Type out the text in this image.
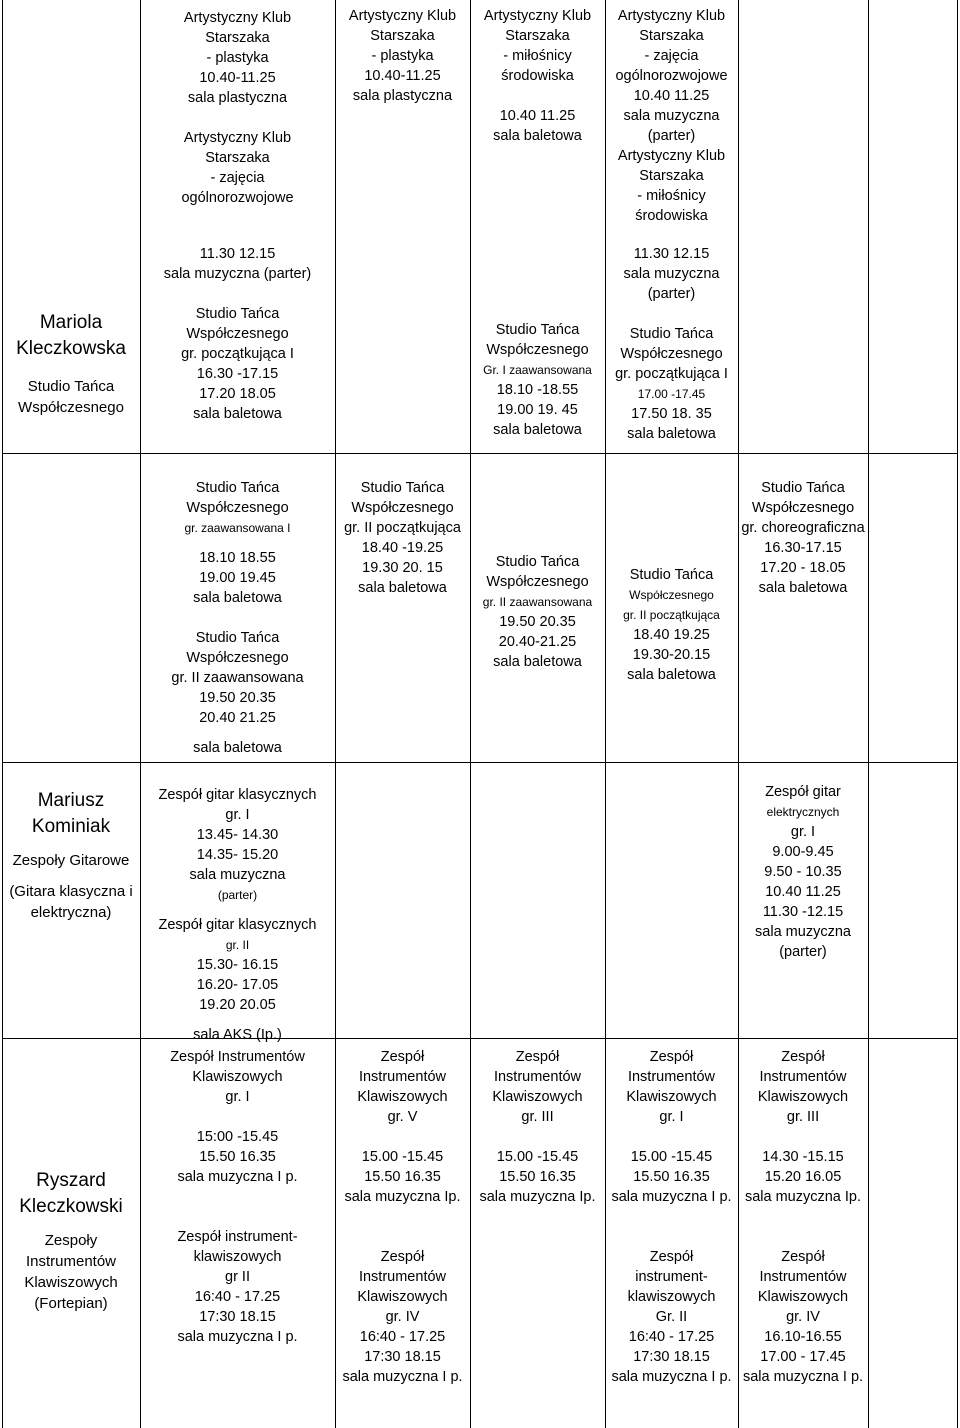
Artystyczny Klub
Starszaka
- plastyka
10.40-11.25
sala plastyczna
Artystyczny Klub
Starszaka
- zajęcia
ogólnorozwojowe
Artystyczny Klub
Starszaka
- plastyka
10.40-11.25
sala plastyczna
Artystyczny Klub
Starszaka
- miłośnicy
środowiska
10.40 11.25
sala baletowa
Artystyczny Klub
Starszaka
- zajęcia
ogólnorozwojowe
10.40 11.25
sala muzyczna
(parter)
Artystyczny Klub
Starszaka
- miłośnicy
środowiska
Mariola
Kleczkowska
Studio Tańca
Współczesnego
11.30 12.15
sala muzyczna (parter)
Studio Tańca
Współczesnego
gr. początkująca I
16.30 -17.15
17.20 18.05
sala baletowa
Studio Tańca
Współczesnego
Gr. I zaawansowana
18.10 -18.55
19.00 19. 45
sala baletowa
11.30 12.15
sala muzyczna
(parter)
Studio Tańca
Współczesnego
gr. początkująca I
17.00 -17.45
17.50 18. 35
sala baletowa
Studio Tańca
Współczesnego
gr. zaawansowana I
18.10 18.55
19.00 19.45
sala baletowa
Studio Tańca
Współczesnego
gr. II zaawansowana
19.50 20.35
20.40 21.25
sala baletowa
Studio Tańca
Współczesnego
gr. II początkująca
18.40 -19.25
19.30 20. 15
sala baletowa
Studio Tańca
Współczesnego
gr. II zaawansowana
19.50 20.35
20.40-21.25
sala baletowa
Studio Tańca
Współczesnego
gr. II początkująca
18.40 19.25
19.30-20.15
sala baletowa
Studio Tańca
Współczesnego
gr. choreograficzna
16.30-17.15
17.20 - 18.05
sala baletowa
Mariusz
Kominiak
Zespoły Gitarowe
(Gitara klasyczna i
elektryczna)
Zespół gitar klasycznych
gr. I
13.45- 14.30
14.35- 15.20
sala muzyczna
(parter)
Zespół gitar klasycznych
gr. II
15.30- 16.15
16.20- 17.05
19.20 20.05
sala AKS (Ip.)
Zespół gitar
elektrycznych
gr. I
9.00-9.45
9.50 - 10.35
10.40 11.25
11.30 -12.15
sala muzyczna
(parter)
Ryszard
Kleczkowski
Zespoły
Instrumentów
Klawiszowych
(Fortepian)
Zespół Instrumentów
Klawiszowych
gr. I
15:00 -15.45
15.50 16.35
sala muzyczna I p.
Zespół instrument-
klawiszowych
gr II
16:40 - 17.25
17:30 18.15
sala muzyczna I p.
Zespół
Instrumentów
Klawiszowych
gr. V
15.00 -15.45
15.50 16.35
sala muzyczna Ip.
Zespół
Instrumentów
Klawiszowych
gr. IV
16:40 - 17.25
17:30 18.15
sala muzyczna I p.
Zespół
Instrumentów
Klawiszowych
gr. III
15.00 -15.45
15.50 16.35
sala muzyczna Ip.
Zespół
Instrumentów
Klawiszowych
gr. I
15.00 -15.45
15.50 16.35
sala muzyczna I p.
Zespół
instrument-
klawiszowych
Gr. II
16:40 - 17.25
17:30 18.15
sala muzyczna I p.
Zespół
Instrumentów
Klawiszowych
gr. III
14.30 -15.15
15.20 16.05
sala muzyczna Ip.
Zespół
Instrumentów
Klawiszowych
gr. IV
16.10-16.55
17.00 - 17.45
sala muzyczna I p.
